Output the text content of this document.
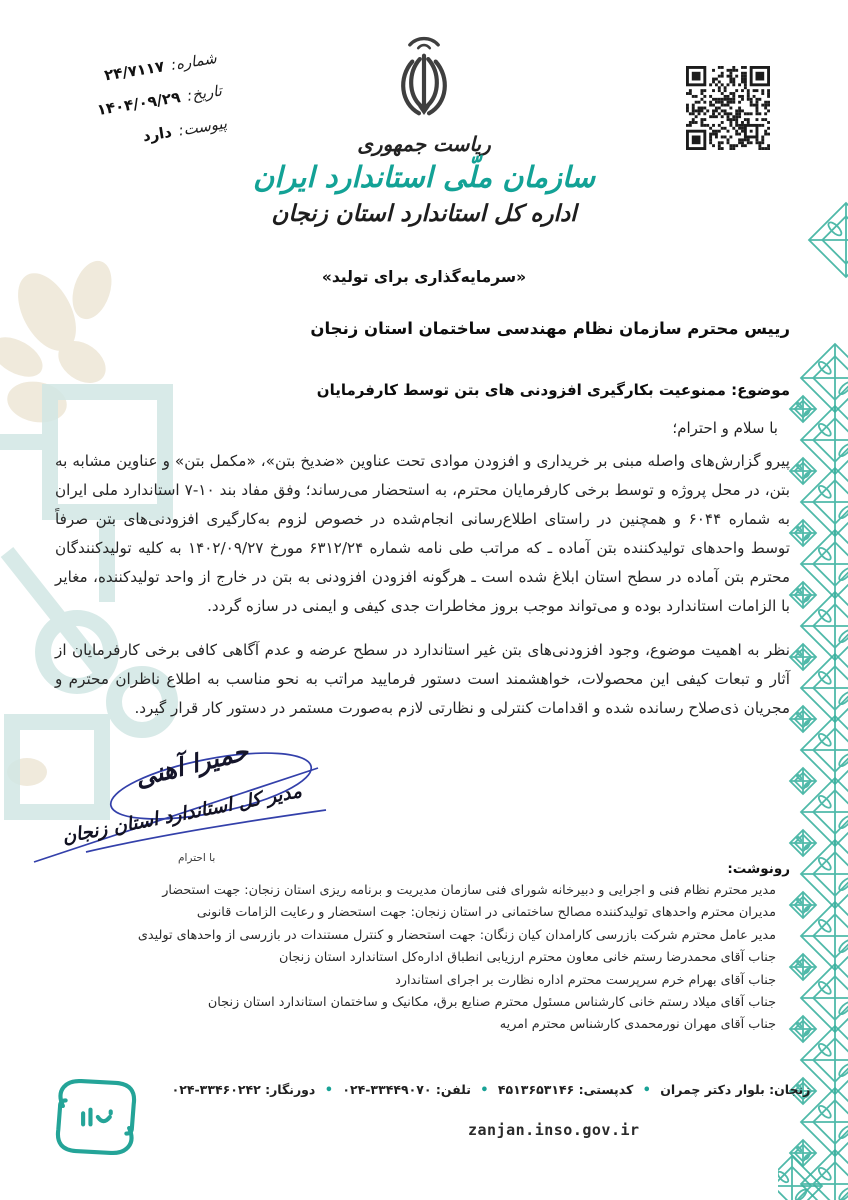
شماره:
۲۴/۷۱۱۷
تاریخ:
۱۴۰۴/۰۹/۲۹
پیوست:
دارد	ریاست جمهوری
سازمان ملّی استاندارد ایران
اداره کل استاندارد استان زنجان
«سرمایه‌گذاری برای تولید»
رییس محترم سازمان نظام مهندسی ساختمان استان زنجان
موضوع: ممنوعیت بکارگیری افزودنی های بتن توسط کارفرمایان
با سلام و احترام؛

پیرو گزارش‌های واصله مبنی بر خریداری و افزودن موادی تحت عناوین «ضدیخ بتن»، «مکمل بتن» و عناوین مشابه به بتن، در محل پروژه و توسط برخی کارفرمایان محترم، به استحضار می‌رساند؛ وفق مفاد بند ۱۰-۷ استاندارد ملی ایران به شماره ۶۰۴۴ و همچنین در راستای اطلاع‌رسانی انجام‌شده در خصوص لزوم به‌کارگیری افزودنی‌های بتن صرفاً توسط واحدهای تولیدکننده بتن آماده ـ که مراتب طی نامه شماره ۶۳۱۲/۲۴ مورخ ۱۴۰۲/۰۹/۲۷ به کلیه تولیدکنندگان محترم بتن آماده در سطح استان ابلاغ شده است ـ هرگونه افزودن افزودنی به بتن در خارج از واحد تولیدکننده، مغایر با الزامات استاندارد بوده و می‌تواند موجب بروز مخاطرات جدی کیفی و ایمنی در سازه گردد.

نظر به اهمیت موضوع، وجود افزودنی‌های بتن غیر استاندارد در سطح عرضه و عدم آگاهی کافی برخی کارفرمایان از آثار و تبعات کیفی این محصولات، خواهشمند است دستور فرمایید مراتب به نحو مناسب به اطلاع ناظران محترم و مجریان ذی‌صلاح رسانده شده و اقدامات کنترلی و نظارتی لازم به‌صورت مستمر در دستور کار قرار گیرد.

حمیرا آهنی
مدیر کل استاندارد استان زنجان
با احترام
رونوشت:
مدیر محترم نظام فنی و اجرایی و دبیرخانه شورای فنی سازمان مدیریت و برنامه ریزی استان زنجان: جهت استحضار
مدیران محترم واحدهای تولیدکننده مصالح ساختمانی در استان زنجان: جهت استحضار و رعایت الزامات قانونی
مدیر عامل محترم شرکت بازرسی کارامدان کیان زنگان: جهت استحضار و کنترل مستندات در بازرسی از واحدهای تولیدی
جناب آقای محمدرضا رستم خانی معاون محترم ارزیابی انطباق اداره‌کل استاندارد استان زنجان
جناب آقای بهرام خرم سرپرست محترم اداره نظارت بر اجرای استاندارد
جناب آقای میلاد رستم خانی کارشناس مسئول محترم صنایع برق، مکانیک و ساختمان استاندارد استان زنجان
جناب آقای مهران نورمحمدی کارشناس محترم امریه
زنجان: بلوار دکتر چمران • کدپستی: ۴۵۱۳۶۵۳۱۴۶ • تلفن: ۰۲۴-۳۳۴۴۹۰۷۰ • دورنگار: ۰۲۴-۳۳۴۶۰۲۴۲
zanjan.inso.gov.ir
